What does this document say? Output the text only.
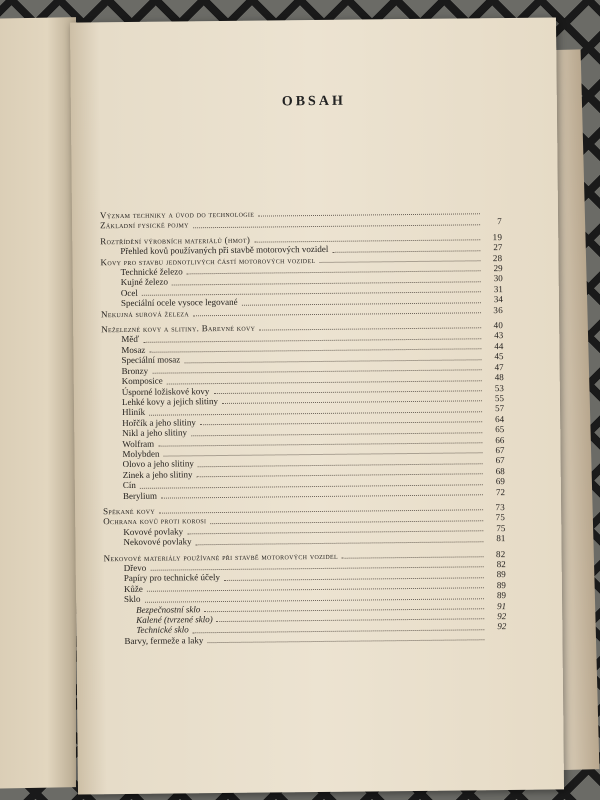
OBSAH
Význam techniky a úvod do technologie
Základní fysické pojmy	7
Roztřídění výrobních materiálů (hmot)	19
Přehled kovů používaných při stavbě motorových vozidel	27
Kovy pro stavbu jednotlivých částí motorových vozidel	28
Technické železo	29
Kujné železo	30
Ocel	31
Speciální ocele vysoce legované	34
Nekujná surová železa	36
Neželezné kovy a slitiny. Barevné kovy	40
Měď	43
Mosaz	44
Speciální mosaz	45
Bronzy	47
Komposice	48
Úsporné ložiskové kovy	53
Lehké kovy a jejich slitiny	55
Hliník	57
Hořčík a jeho slitiny	64
Nikl a jeho slitiny	65
Wolfram	66
Molybden	67
Olovo a jeho slitiny	67
Zinek a jeho slitiny	68
Cín	69
Berylium	72
Spékané kovy	73
Ochrana kovů proti korosi	75
Kovové povlaky	75
Nekovové povlaky	81
Nekovové materiály používané při stavbě motorových vozidel	82
Dřevo	82
Papíry pro technické účely	89
Kůže	89
Sklo	89
Bezpečnostní sklo	91
Kalené (tvrzené sklo)	92
Technické sklo	92
Barvy, fermeže a laky
